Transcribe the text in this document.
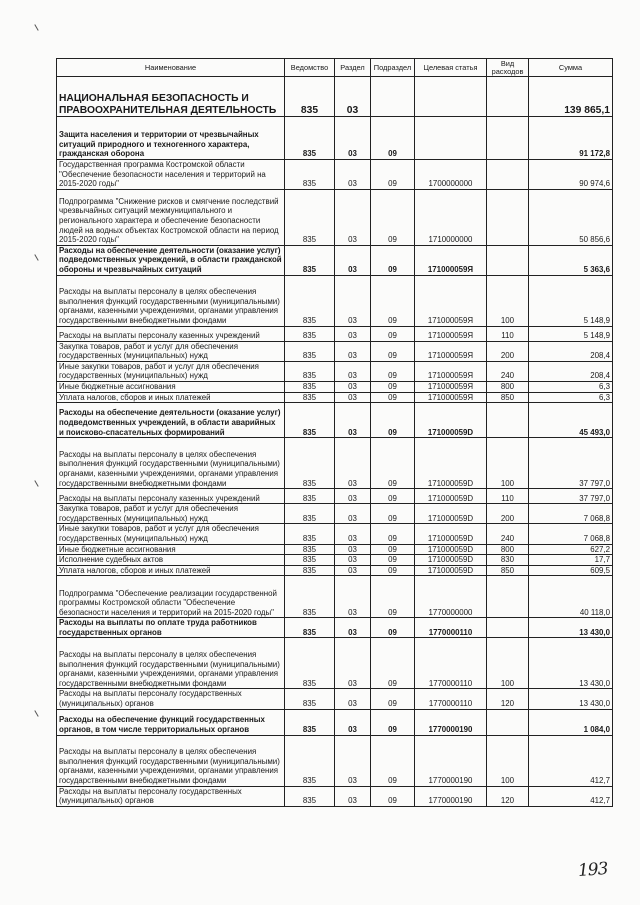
Наименование	Ведомство	Раздел	Подраздел	Целевая статья	Вид расходов	Сумма
НАЦИОНАЛЬНАЯ БЕЗОПАСНОСТЬ И ПРАВООХРАНИТЕЛЬНАЯ ДЕЯТЕЛЬНОСТЬ	835	03				139 865,1
Защита населения и территории от чрезвычайных ситуаций природного и техногенного характера, гражданская оборона	835	03	09			91 172,8
Государственная программа Костромской области "Обеспечение безопасности населения и территорий на 2015-2020 годы"	835	03	09	1700000000		90 974,6
Подпрограмма "Снижение рисков и смягчение последствий чрезвычайных ситуаций межмуниципального и регионального характера и обеспечение безопасности людей на водных объектах Костромской области на период 2015-2020 годы"	835	03	09	1710000000		50 856,6
Расходы на обеспечение деятельности (оказание услуг) подведомственных учреждений, в области гражданской обороны и чрезвычайных ситуаций	835	03	09	171000059Я		5 363,6
Расходы на выплаты персоналу в целях обеспечения выполнения функций государственными (муниципальными) органами, казенными учреждениями, органами управления государственными внебюджетными фондами	835	03	09	171000059Я	100	5 148,9
Расходы на выплаты персоналу казенных учреждений	835	03	09	171000059Я	110	5 148,9
Закупка товаров, работ и услуг для обеспечения государственных (муниципальных) нужд	835	03	09	171000059Я	200	208,4
Иные закупки товаров, работ и услуг для обеспечения государственных (муниципальных) нужд	835	03	09	171000059Я	240	208,4
Иные бюджетные ассигнования	835	03	09	171000059Я	800	6,3
Уплата налогов, сборов и иных платежей	835	03	09	171000059Я	850	6,3
Расходы на обеспечение деятельности (оказание услуг) подведомственных учреждений, в области аварийных и поисково-спасательных формирований	835	03	09	171000059D		45 493,0
Расходы на выплаты персоналу в целях обеспечения выполнения функций государственными (муниципальными) органами, казенными учреждениями, органами управления государственными внебюджетными фондами	835	03	09	171000059D	100	37 797,0
Расходы на выплаты персоналу казенных учреждений	835	03	09	171000059D	110	37 797,0
Закупка товаров, работ и услуг для обеспечения государственных (муниципальных) нужд	835	03	09	171000059D	200	7 068,8
Иные закупки товаров, работ и услуг для обеспечения государственных (муниципальных) нужд	835	03	09	171000059D	240	7 068,8
Иные бюджетные ассигнования	835	03	09	171000059D	800	627,2
Исполнение судебных актов	835	03	09	171000059D	830	17,7
Уплата налогов, сборов и иных платежей	835	03	09	171000059D	850	609,5
Подпрограмма "Обеспечение реализации государственной программы Костромской области "Обеспечение безопасности населения и территорий на 2015-2020 годы"	835	03	09	1770000000		40 118,0
Расходы на выплаты по оплате труда работников государственных органов	835	03	09	1770000110		13 430,0
Расходы на выплаты персоналу в целях обеспечения выполнения функций государственными (муниципальными) органами, казенными учреждениями, органами управления государственными внебюджетными фондами	835	03	09	1770000110	100	13 430,0
Расходы на выплаты персоналу государственных (муниципальных) органов	835	03	09	1770000110	120	13 430,0
Расходы на обеспечение функций государственных органов, в том числе территориальных органов	835	03	09	1770000190		1 084,0
Расходы на выплаты персоналу в целях обеспечения выполнения функций государственными (муниципальными) органами, казенными учреждениями, органами управления государственными внебюджетными фондами	835	03	09	1770000190	100	412,7
Расходы на выплаты персоналу государственных (муниципальных) органов	835	03	09	1770000190	120	412,7
193
